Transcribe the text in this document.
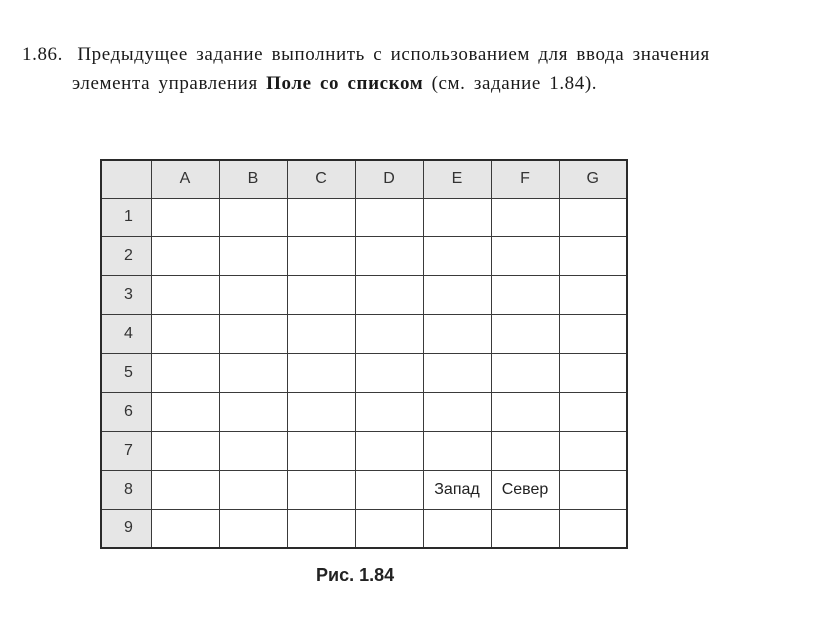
1.86. Предыдущее задание выполнить с использованием для ввода значения
элемента управления Поле со списком (см. задание 1.84).
	A	B	C	D	E	F	G
1							
2							
3							
4							
5							
6							
7							
8					Запад	Север	
9							
Рис. 1.84
